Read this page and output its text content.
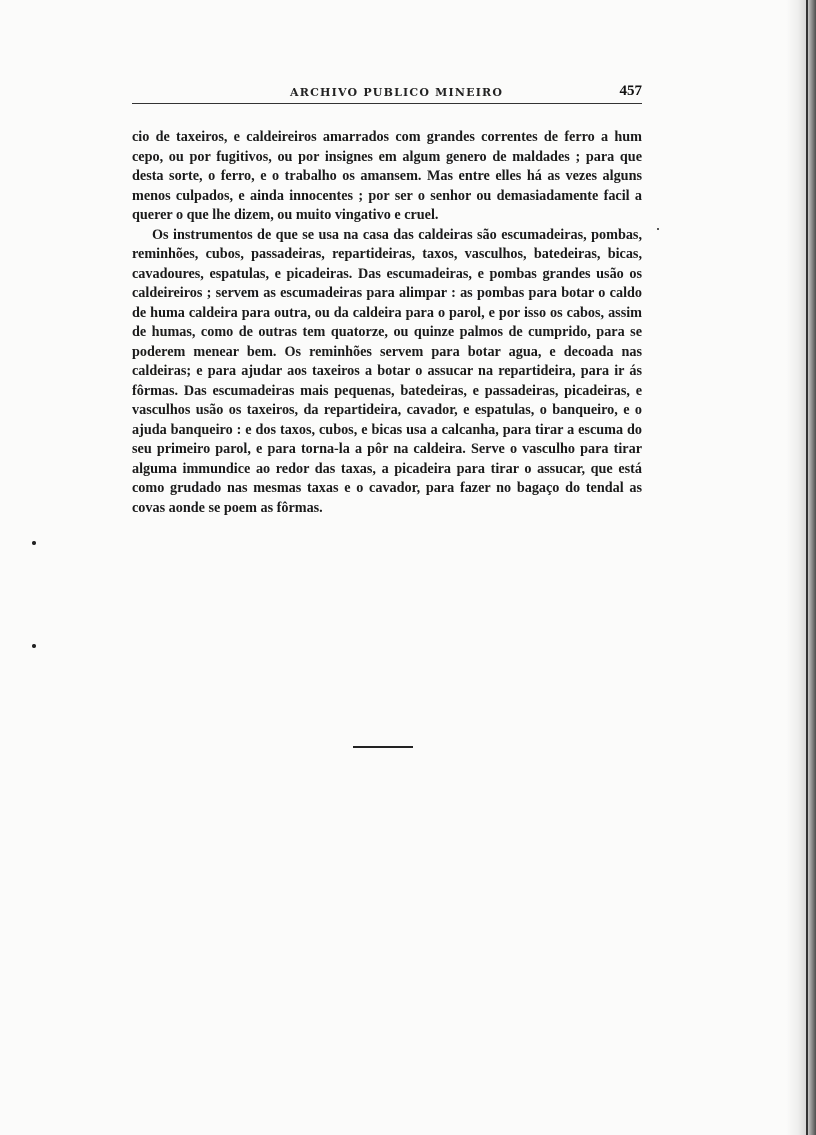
ARCHIVO PUBLICO MINEIRO	457

cio de taxeiros, e caldeireiros amarrados com grandes correntes de ferro a hum cepo, ou por fugitivos, ou por insignes em algum genero de maldades ; para que desta sorte, o ferro, e o trabalho os amansem. Mas entre elles há as vezes alguns menos culpados, e ainda innocentes ; por ser o senhor ou demasiadamente facil a querer o que lhe dizem, ou muito vingativo e cruel.

Os instrumentos de que se usa na casa das caldeiras são escumadeiras, pombas, reminhões, cubos, passadeiras, repartideiras, taxos, vasculhos, batedeiras, bicas, cavadoures, espatulas, e picadeiras. Das escumadeiras, e pombas grandes usão os caldeireiros ; servem as escumadeiras para alimpar : as pombas para botar o caldo de huma caldeira para outra, ou da caldeira para o parol, e por isso os cabos, assim de humas, como de outras tem quatorze, ou quinze palmos de cumprido, para se poderem menear bem. Os reminhões servem para botar agua, e decoada nas caldeiras; e para ajudar aos taxeiros a botar o assucar na repartideira, para ir ás fôrmas. Das escumadeiras mais pequenas, batedeiras, e passadeiras, picadeiras, e vasculhos usão os taxeiros, da repartideira, cavador, e espatulas, o banqueiro, e o ajuda banqueiro : e dos taxos, cubos, e bicas usa a calcanha, para tirar a escuma do seu primeiro parol, e para torna-la a pôr na caldeira. Serve o vasculho para tirar alguma immundice ao redor das taxas, a picadeira para tirar o assucar, que está como grudado nas mesmas taxas e o cavador, para fazer no bagaço do tendal as covas aonde se poem as fôrmas.
